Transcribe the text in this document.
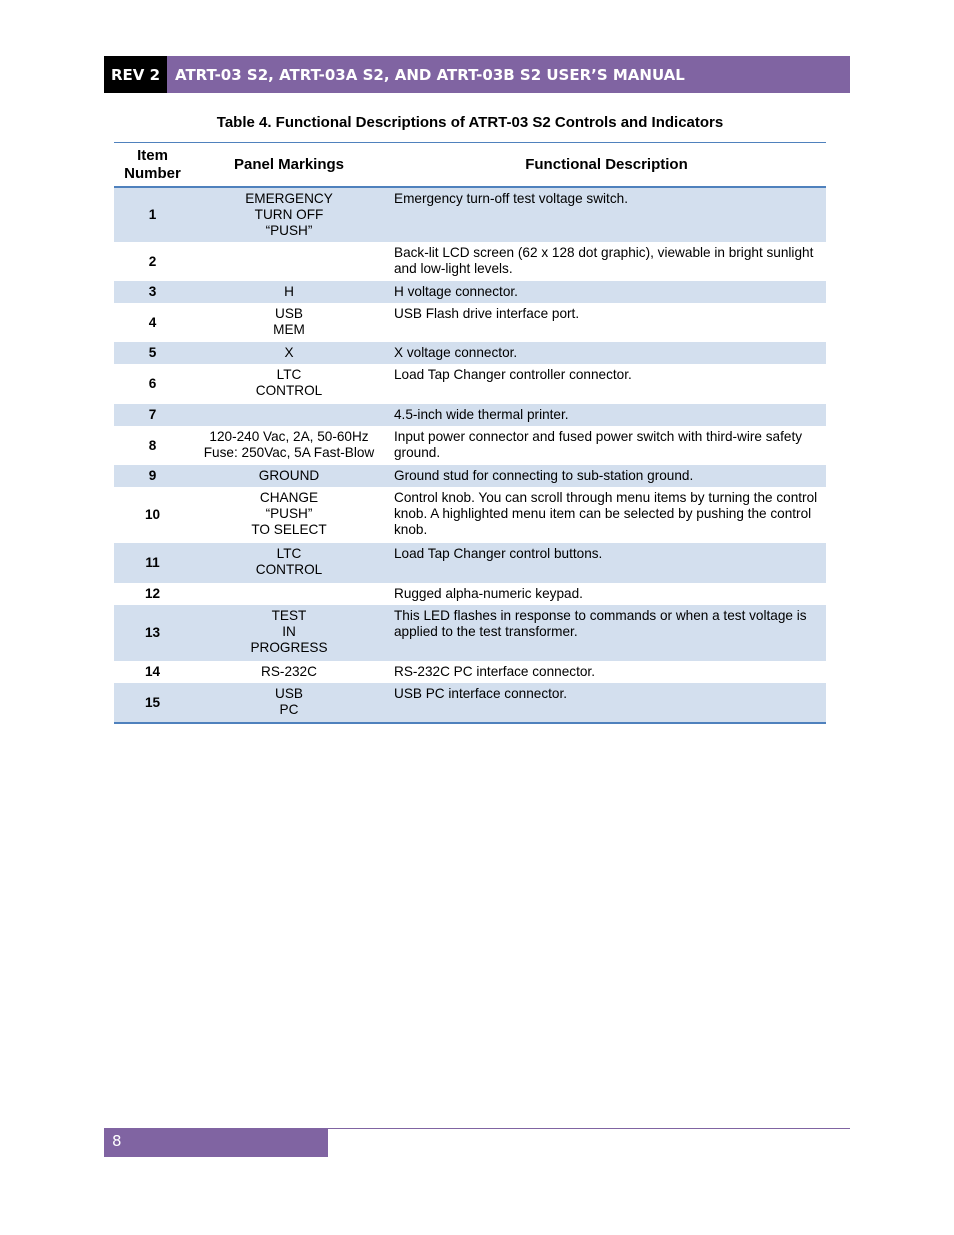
REV 2 ATRT-03 S2, ATRT-03A S2, AND ATRT-03B S2 USER’S MANUAL
Table 4. Functional Descriptions of ATRT-03 S2 Controls and Indicators
Item
Number	Panel Markings	Functional Description
1	EMERGENCY
TURN OFF
“PUSH”	Emergency turn-off test voltage switch.
2		Back-lit LCD screen (62 x 128 dot graphic), viewable in bright sunlight and low-light levels.
3	H	H voltage connector.
4	USB
MEM	USB Flash drive interface port.
5	X	X voltage connector.
6	LTC
CONTROL	Load Tap Changer controller connector.
7		4.5-inch wide thermal printer.
8	120-240 Vac, 2A, 50-60Hz
Fuse: 250Vac, 5A Fast-Blow	Input power connector and fused power switch with third-wire safety ground.
9	GROUND	Ground stud for connecting to sub-station ground.
10	CHANGE
“PUSH”
TO SELECT	Control knob. You can scroll through menu items by turning the control knob. A highlighted menu item can be selected by pushing the control knob.
11	LTC
CONTROL	Load Tap Changer control buttons.
12		Rugged alpha-numeric keypad.
13	TEST
IN
PROGRESS	This LED flashes in response to commands or when a test voltage is applied to the test transformer.
14	RS-232C	RS-232C PC interface connector.
15	USB
PC	USB PC interface connector.
8
